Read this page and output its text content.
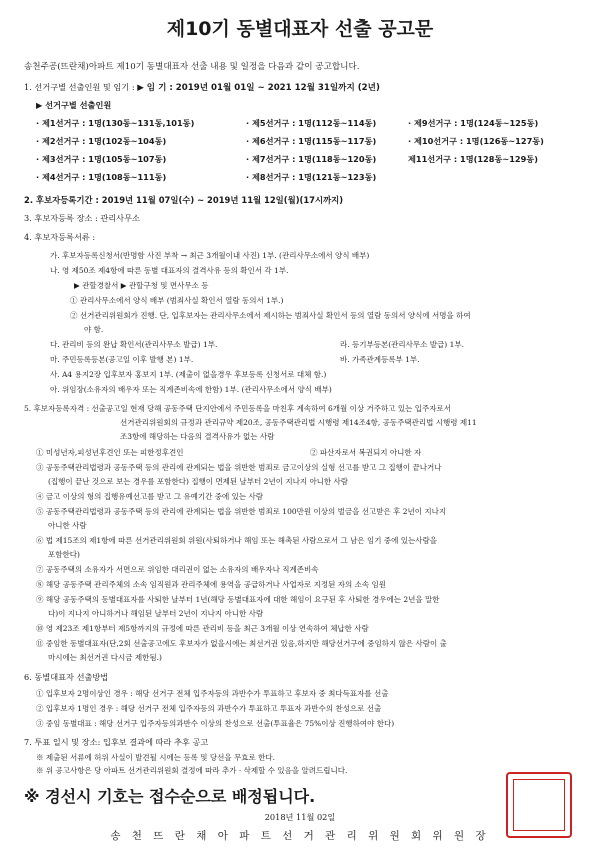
제10기 동별대표자 선출 공고문
송천주공(뜨란채)아파트 제10기 동별대표자 선출 내용 및 일정을 다음과 같이 공고합니다.
1. 선거구별 선출인원 및 임기 : ▶ 임 기 : 2019년 01월 01일 ~ 2021 12월 31일까지 (2년)
▶ 선거구별 선출인원
· 제1선거구 : 1명(130동~131동,101동)	· 제5선거구 : 1명(112동~114동)	· 제9선거구 : 1명(124동~125동)
· 제2선거구 : 1명(102동~104동)	· 제6선거구 : 1명(115동~117동)	· 제10선거구 : 1명(126동~127동)
· 제3선거구 : 1명(105동~107동)	· 제7선거구 : 1명(118동~120동)	제11선거구 : 1명(128동~129동)
· 제4선거구 : 1명(108동~111동)	· 제8선거구 : 1명(121동~123동)
2. 후보자등록기간 : 2019년 11월 07일(수) ~ 2019년 11월 12일(월)(17시까지)
3. 후보자등록 장소 : 관리사무소
4. 후보자등록서류 :
가. 후보자등록신청서(반명함 사진 부착 → 최근 3개월이내 사진) 1부. (관리사무소에서 양식 배부)
나. 영 제50조 제4항에 따른 동별 대표자의 결격사유 등의 확인서 각 1부.
▶ 관할경찰서 ▶ 관할구청 및 면사무소 등
① 관리사무소에서 양식 배부 (범죄사실 확인서 열람 동의서 1부.)
② 선거관리위원회가 진행. 단, 입후보자는 관리사무소에서 제시하는 범죄사실 확인서 등의 열람 동의서 양식에 서명을 하여
야 함.
다. 관리비 등의 완납 확인서(관리사무소 발급) 1부.	라. 등기부등본(관리사무소 발급) 1부.
마. 주민등록등본(공고일 이후 발행 본) 1부.	바. 가족관계등록부 1부.
사. A4 용지2장 입후보자 홍보지 1부. (제출이 없을경우 후보등록 신청서로 대체 함.)
아. 위임장(소유자의 배우자 또는 직계존비속에 한함) 1부. (관리사무소에서 양식 배부)
5. 후보자등록자격 : 선출공고일 현재 당해 공동주택 단지안에서 주민등록을 마친후 계속하여 6개월 이상 거주하고 있는 입주자로서
선거관리위원회의 규정과 관리규약 제20조, 공동주택관리법 시행령 제14조4항, 공동주택관리법 시행령 제11
조3항에 해당하는 다음의 결격사유가 없는 사람
① 미성년자,피성년후견인 또는 피한정후견인	② 파산자로서 복권되지 아니한 자
③ 공동주택관리법령과 공동주택 등의 관리에 관계되는 법을 위반한 범죄로 금고이상의 실형 선고를 받고 그 집행이 끝나거나
(집행이 끝난 것으로 보는 경우를 포함한다) 집행이 면제된 날부터 2년이 지나지 아니한 사람
④ 금고 이상의 형의 집행유예선고를 받고 그 유예기간 중에 있는 사람
⑤ 공동주택관리법령과 공동주택 등의 관리에 관계되는 법을 위반한 범죄로 100만원 이상의 벌금을 선고받은 후 2년이 지나지
아니한 사람
⑥ 법 제15조의 제1항에 따른 선거관리위원회 위원(사퇴하거나 해임 또는 해촉된 사람으로서 그 남은 임기 중에 있는사람을
포함한다)
⑦ 공동주택의 소유자가 서면으로 위임한 대리권이 없는 소유자의 배우자나 직계존비속
⑧ 해당 공동주택 관리주체의 소속 임직원과 관리주체에 용역을 공급하거나 사업자로 지정된 자의 소속 임원
⑨ 해당 공동주택의 동별대표자를 사퇴한 날부터 1년(해당 동별대표자에 대한 해임이 요구된 후 사퇴한 경우에는 2년을 말한
다)이 지나지 아니하거나 해임된 날부터 2년이 지나지 아니한 사람
⑩ 영 제23조 제1항부터 제5항까지의 규정에 따른 관리비 등을 최근 3개월 이상 연속하여 체납한 사람
⑪ 중임한 동별대표자(단,2회 선출공고에도 후보자가 없을시에는 최선거권 있음,하지만 해당선거구에 중임하지 않은 사람이 출
마시에는 최선거권 다시금 제한됨.)
6. 동별대표자 선출방법
① 입후보자 2명이상인 경우 : 해당 선거구 전체 입주자등의 과반수가 투표하고 후보자 중 최다득표자를 선출
② 입후보자 1명인 경우 : 해당 선거구 전체 입주자등의 과반수가 투표하고 투표자 과반수의 찬성으로 선출
③ 중임 동별대표 : 해당 선거구 입주자등의과반수 이상의 찬성으로 선출(투표율은 75%이상 진행하여야 한다)
7. 투표 일시 및 장소: 입후보 결과에 따라 추후 공고
※ 제출된 서류에 허위 사실이 발견될 시에는 등록 및 당선을 무효로 한다.
※ 경선시 기호는 접수순으로 배정됩니다.
※ 위 공고사항은 당 아파트 선거관리위원회 결정에 따라 추가 · 삭제할 수 있음을 알려드립니다.
2018년 11월 02일
송 천 뜨 란 채 아 파 트 선 거 관 리 위 원 회 위 원 장
